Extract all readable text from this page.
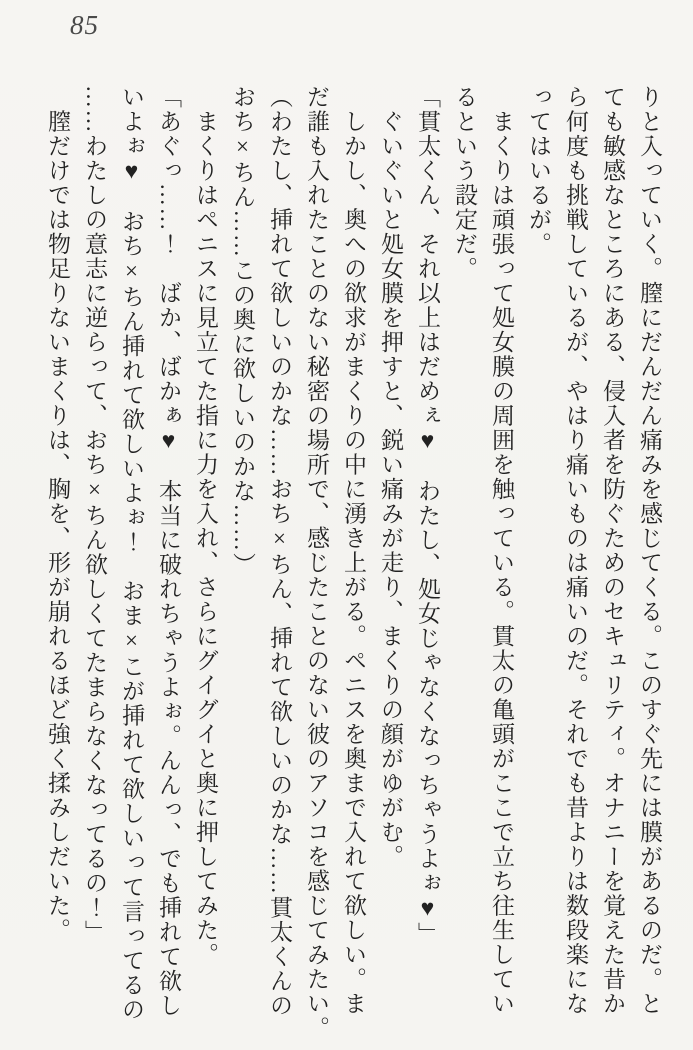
85
りと入っていく。膣にだんだん痛みを感じてくる。このすぐ先には膜があるのだ。と
ても敏感なところにある、侵入者を防ぐためのセキュリティ。オナニーを覚えた昔か
ら何度も挑戦しているが、やはり痛いものは痛いのだ。それでも昔よりは数段楽にな
ってはいるが。
　まくりは頑張って処女膜の周囲を触っている。貫太の亀頭がここで立ち往生してい
るという設定だ。
「貫太くん、それ以上はだめぇ♥　わたし、処女じゃなくなっちゃうよぉ♥」
　ぐいぐいと処女膜を押すと、鋭い痛みが走り、まくりの顔がゆがむ。
　しかし、奥への欲求がまくりの中に湧き上がる。ペニスを奥まで入れて欲しい。ま
だ誰も入れたことのない秘密の場所で、感じたことのない彼のアソコを感じてみたい。
（わたし、挿れて欲しいのかな……おち×ちん、挿れて欲しいのかな……貫太くんの
おち×ちん……この奥に欲しいのかな……）
　まくりはペニスに見立てた指に力を入れ、さらにグイグイと奥に押してみた。
「あぐっ……！　ばか、ばかぁ♥　本当に破れちゃうよぉ。んんっ、でも挿れて欲し
いよぉ♥　おち×ちん挿れて欲しいよぉ！　おま×こが挿れて欲しいって言ってるの
……わたしの意志に逆らって、おち×ちん欲しくてたまらなくなってるの！」
　膣だけでは物足りないまくりは、胸を、形が崩れるほど強く揉みしだいた。
